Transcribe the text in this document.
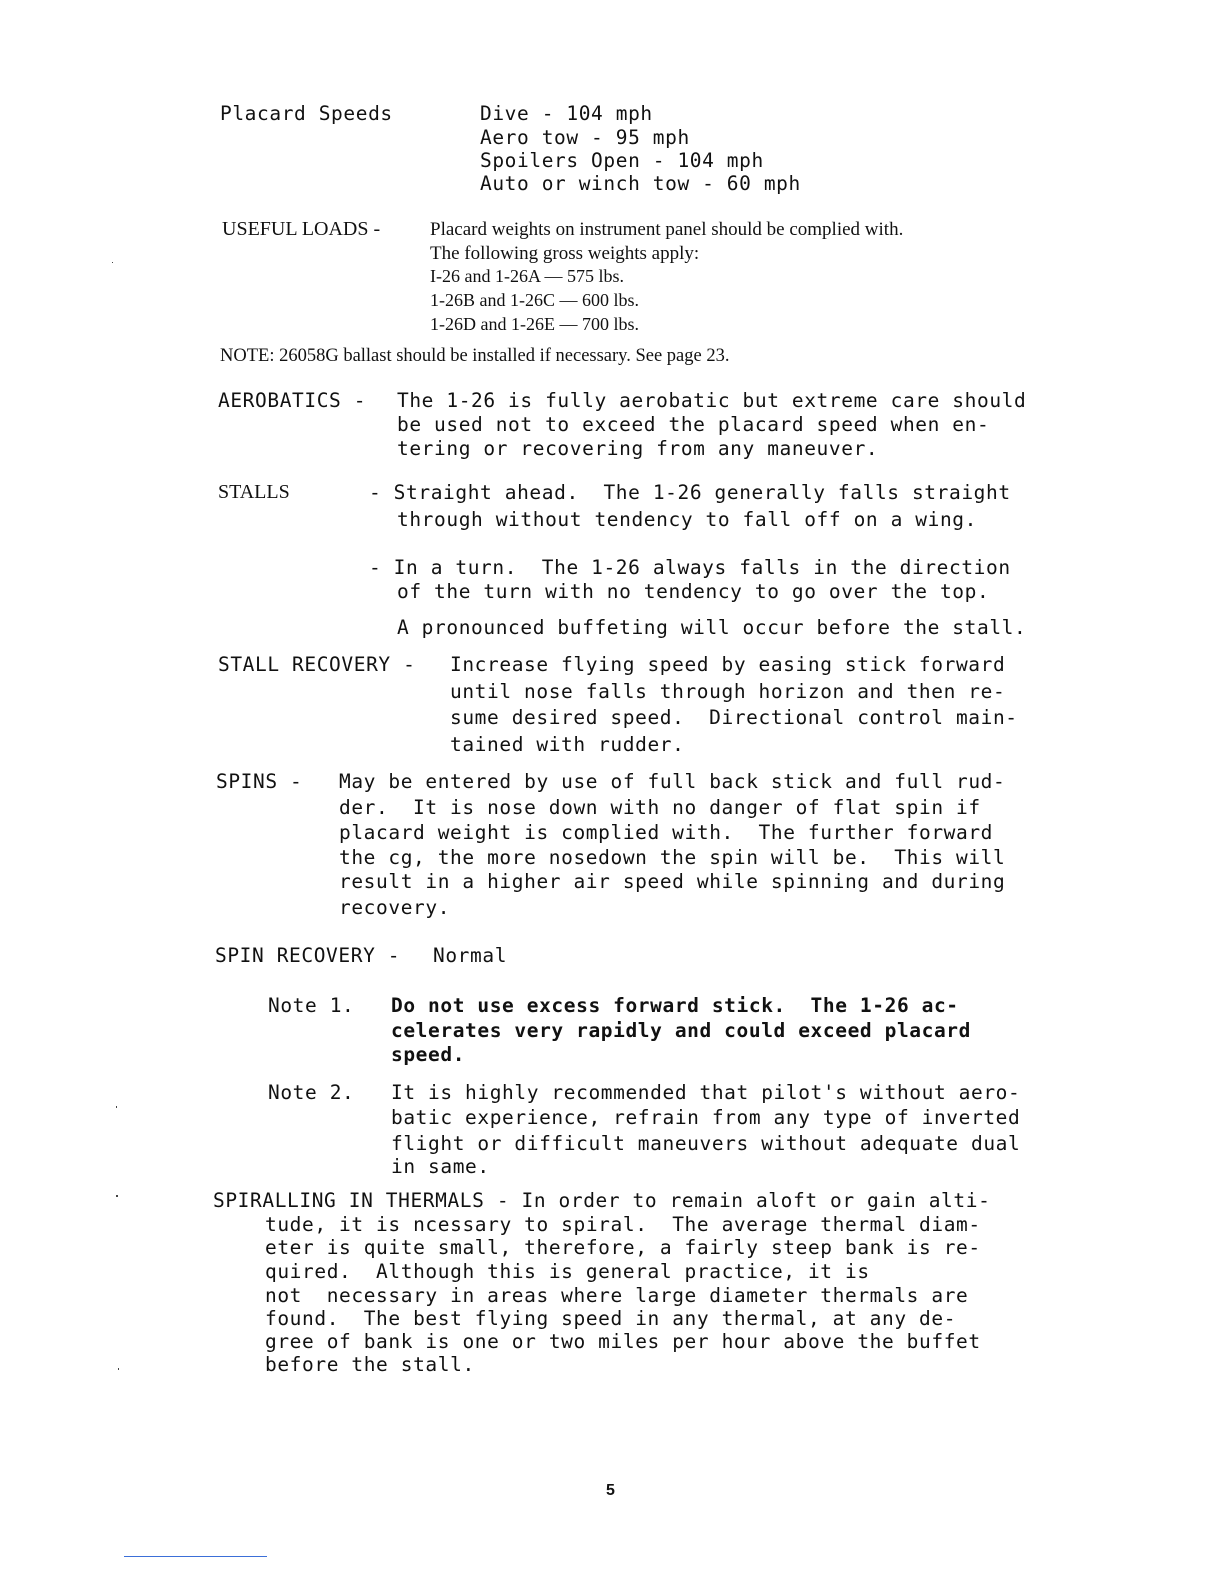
Placard Speeds	Dive - 104 mph
Aero tow - 95 mph
Spoilers Open - 104 mph
Auto or winch tow - 60 mph
USEFUL LOADS -	Placard weights on instrument panel should be complied with.
The following gross weights apply:
I-26 and 1-26A — 575 lbs.
1-26B and 1-26C — 600 lbs.
1-26D and 1-26E — 700 lbs.
NOTE: 26058G ballast should be installed if necessary. See page 23.
AEROBATICS - The 1-26 is fully aerobatic but extreme care should
be used not to exceed the placard speed when en-
tering or recovering from any maneuver.
STALLS	- Straight ahead.  The 1-26 generally falls straight
through without tendency to fall off on a wing.
- In a turn.  The 1-26 always falls in the direction
of the turn with no tendency to go over the top.
A pronounced buffeting will occur before the stall.
STALL RECOVERY - Increase flying speed by easing stick forward
until nose falls through horizon and then re-
sume desired speed.  Directional control main-
tained with rudder.
SPINS - May be entered by use of full back stick and full rud-
der.  It is nose down with no danger of flat spin if
placard weight is complied with.  The further forward
the cg, the more nosedown the spin will be.  This will
result in a higher air speed while spinning and during
recovery.
SPIN RECOVERY - Normal
Note 1. Do not use excess forward stick.  The 1-26 ac-
celerates very rapidly and could exceed placard
speed.
Note 2. It is highly recommended that pilot's without aero-
batic experience, refrain from any type of inverted
flight or difficult maneuvers without adequate dual
in same.
SPIRALLING IN THERMALS - In order to remain aloft or gain alti-
tude, it is ncessary to spiral.  The average thermal diam-
eter is quite small, therefore, a fairly steep bank is re-
quired.  Although this is general practice, it is
not  necessary in areas where large diameter thermals are
found.  The best flying speed in any thermal, at any de-
gree of bank is one or two miles per hour above the buffet
before the stall.
5
